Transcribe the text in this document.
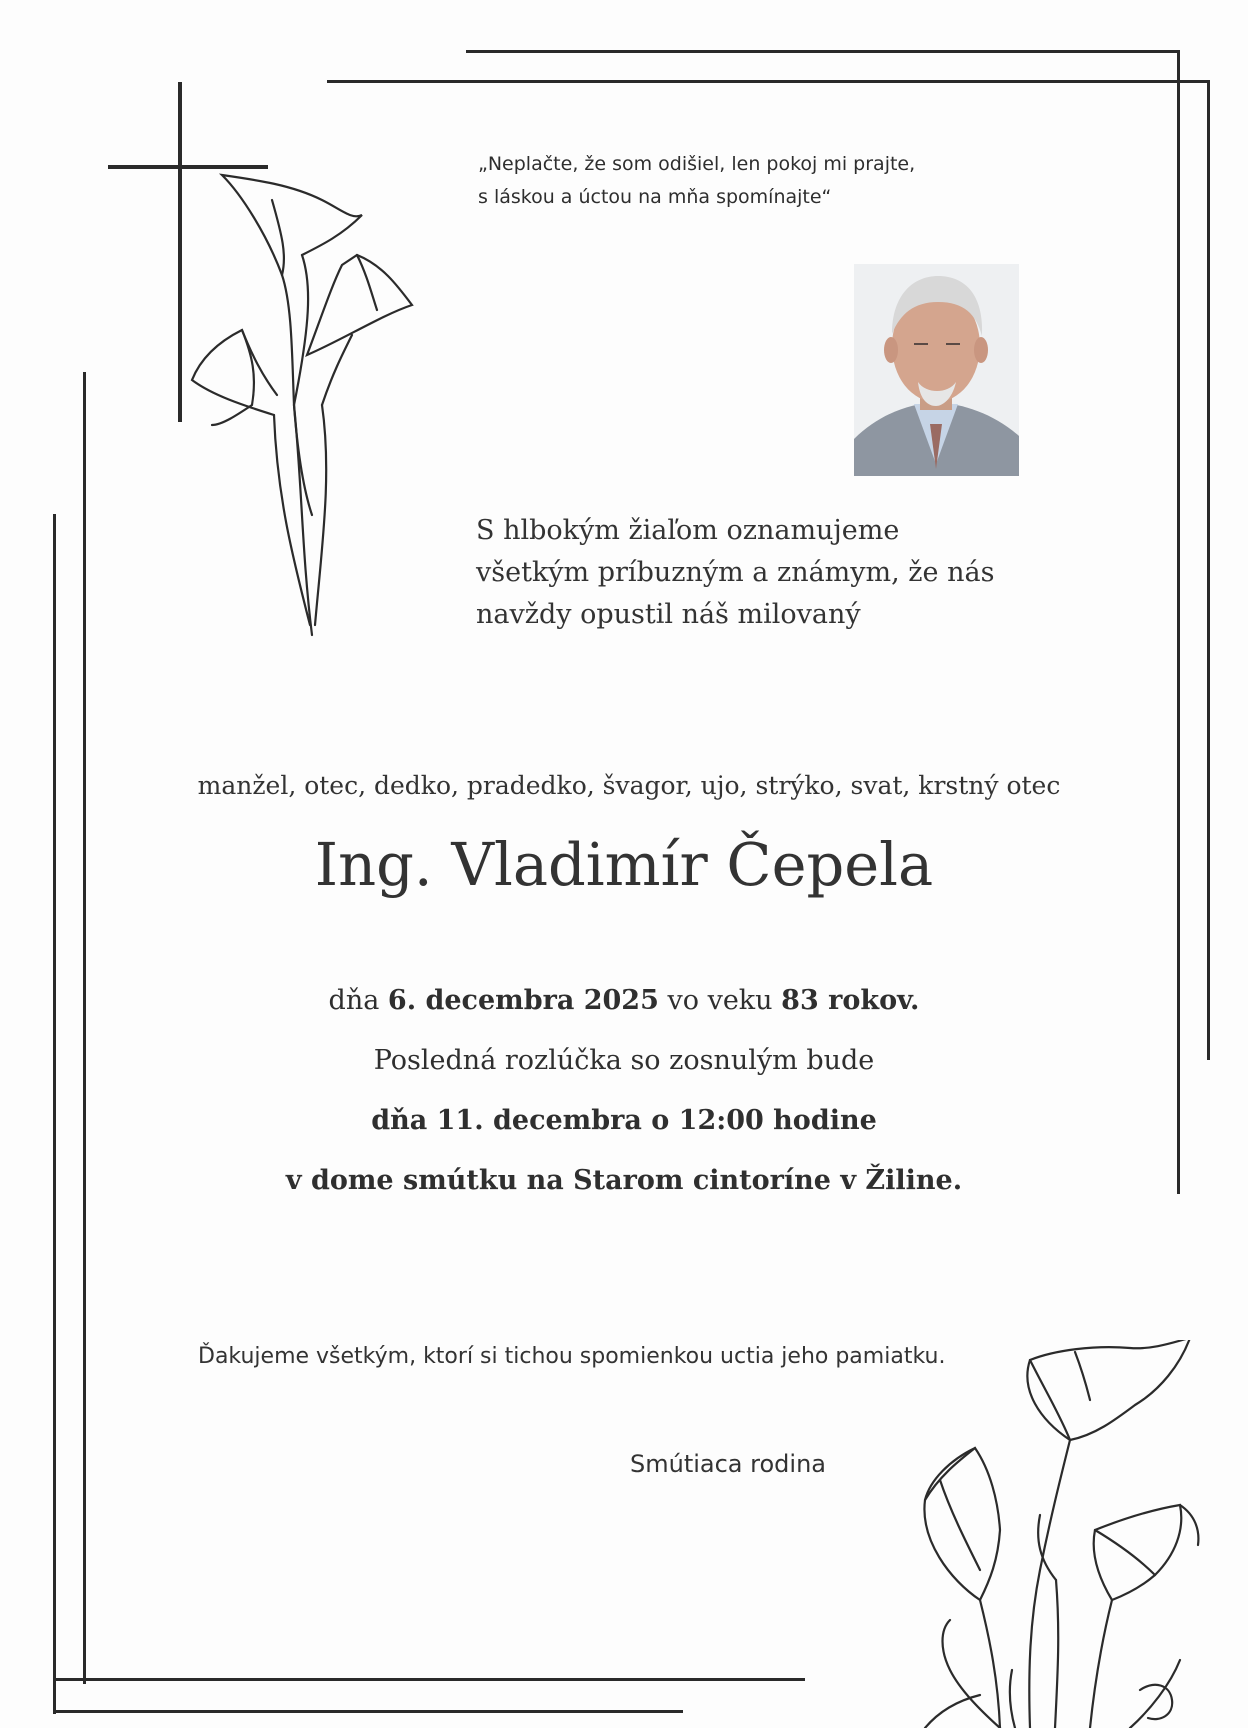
„Neplačte, že som odišiel, len pokoj mi prajte,
s láskou a úctou na mňa spomínajte“
S hlbokým žiaľom oznamujeme
všetkým príbuzným a známym, že nás
navždy opustil náš milovaný
manžel, otec, dedko, pradedko, švagor, ujo, strýko, svat, krstný otec
Ing. Vladimír Čepela
dňa 6. decembra 2025 vo veku 83 rokov.
Posledná rozlúčka so zosnulým bude
dňa 11. decembra o 12:00 hodine
v dome smútku na Starom cintoríne v Žiline.
Ďakujeme všetkým, ktorí si tichou spomienkou uctia jeho pamiatku.
Smútiaca rodina
